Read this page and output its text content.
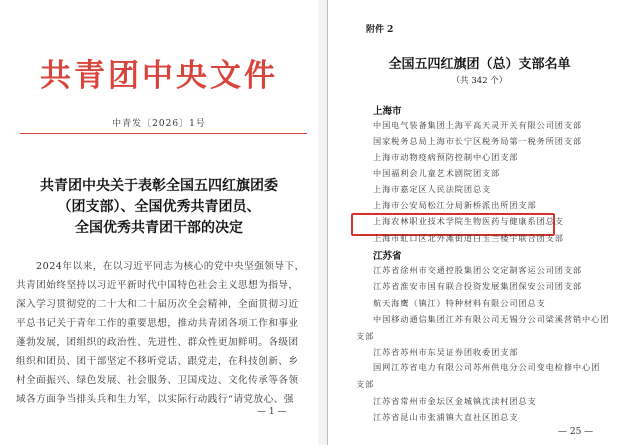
共青团中央文件
中青发〔2026〕1号
共青团中央关于表彰全国五四红旗团委
（团支部）、全国优秀共青团员、
全国优秀共青团干部的决定
2024年以来，在以习近平同志为核心的党中央坚强领导下，
共青团始终坚持以习近平新时代中国特色社会主义思想为指导，
深入学习贯彻党的二十大和二十届历次全会精神，全面贯彻习近
平总书记关于青年工作的重要思想，推动共青团各项工作和事业
蓬勃发展，团组织的政治性、先进性、群众性更加鲜明。各级团
组织和团员、团干部坚定不移听党话、跟党走，在科技创新、乡
村全面振兴、绿色发展、社会服务、卫国戍边、文化传承等各领
域各方面争当排头兵和生力军，以实际行动践行“请党放心、强
— 1 —
附件 2
全国五四红旗团（总）支部名单
（共 342 个）
上海市
中国电气装备集团上海平高天灵开关有限公司团支部
国家税务总局上海市长宁区税务局第一税务所团支部
上海市动物疫病预防控制中心团支部
中国福利会儿童艺术剧院团支部
上海市嘉定区人民法院团总支
上海市公安局松江分局新桥派出所团支部
上海农林职业技术学院生物医药与健康系团总支
上海市虹口区北外滩街道白玉兰楼宇联合团支部
江苏省
江苏省徐州市交通控股集团公交定制客运公司团支部
江苏省淮安市国有联合投资发展集团保安公司团支部
航天海鹰（镇江）特种材料有限公司团总支
中国移动通信集团江苏有限公司无锡分公司梁溪营销中心团
支部
江苏省苏州市东吴证券团收委团支部
国网江苏省电力有限公司苏州供电分公司变电检修中心团
支部
江苏省常州市金坛区金城镇沈渎村团总支
江苏省昆山市张浦镇大直社区团总支
— 25 —
